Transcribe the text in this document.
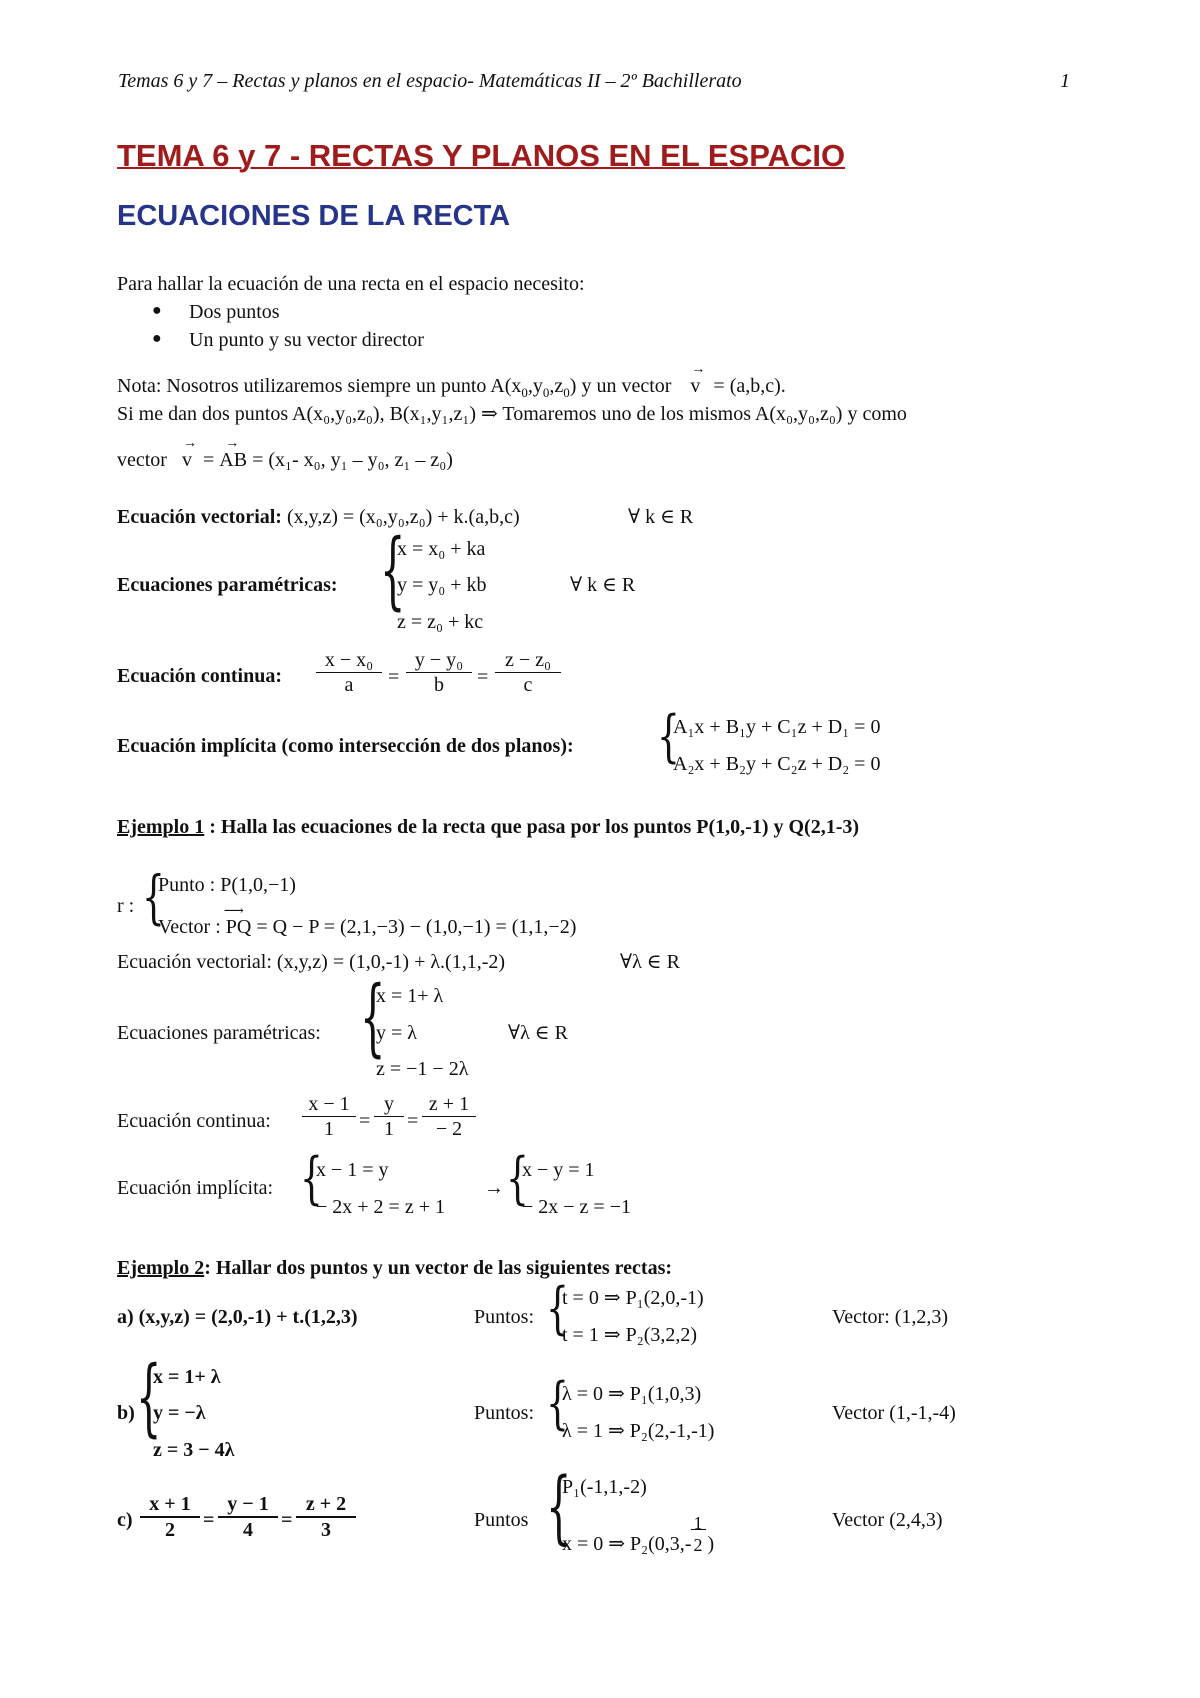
Temas 6 y 7 – Rectas y planos en el espacio- Matemáticas II – 2º Bachillerato	1
TEMA 6 y 7 - RECTAS Y PLANOS EN EL ESPACIO
ECUACIONES DE LA RECTA
Para hallar la ecuación de una recta en el espacio necesito:
● Dos puntos
● Un punto y su vector director
Nota: Nosotros utilizaremos siempre un punto $A(x_0,y_0,z_0)$ y un vector
→
v = (a,b,c).
Si me dan dos puntos A(x₀,y₀,z₀), B(x₁,y₁,z₁) ⇒ Tomaremos uno de los mismos A(x₀,y₀,z₀) y como
vector
→
v =
→
AB = (x₁- x₀, y₁ – y₀, z₁ – z₀)
Ecuación vectorial: (x,y,z) = (x₀,y₀,z₀) + k.(a,b,c)	∀ k ∈ R
Ecuaciones paramétricas: {
x = x₀ + ka
y = y₀ + kb
z = z₀ + kc
∀ k ∈ R
Ecuación continua: $\frac{\text{x − x₀}}{a} = \frac{\text{y − y₀}}{b} = \frac{\text{z − z₀}}{c}$
Ecuación implícita (como intersección de dos planos): {
A₁x + B₁y + C₁z + D₁ = 0
A₂x + B₂y + C₂z + D₂ = 0
Ejemplo 1 : Halla las ecuaciones de la recta que pasa por los puntos P(1,0,-1) y Q(2,1-3)
r : {
Punto : P(1,0,−1)
Vector :
⟶
PQ = Q − P = (2,1,−3) − (1,0,−1) = (1,1,−2)
Ecuación vectorial: (x,y,z) = (1,0,-1) + λ.(1,1,-2)	∀λ ∈ R
Ecuaciones paramétricas: {
x = 1+ λ
y = λ
z = −1 − 2λ
∀λ ∈ R
Ecuación continua: $\frac{x - 1}{1} = \frac{y}{1} = \frac{z + 1}{- 2}$
Ecuación implícita: {
x − 1 = y
− 2x + 2 = z + 1
→ {
x − y = 1
− 2x − z = −1
Ejemplo 2: Hallar dos puntos y un vector de las siguientes rectas:
a) (x,y,z) = (2,0,-1) + t.(1,2,3)	Puntos: {
t = 0 ⇒ P₁(2,0,-1)
t = 1 ⇒ P₂(3,2,2)
Vector: (1,2,3)
b) {
x = 1+ λ
y = −λ
z = 3 − 4λ
Puntos: {
λ = 0 ⇒ P₁(1,0,3)
λ = 1 ⇒ P₂(2,-1,-1)
Vector (1,-1,-4)
$c) \frac{x + 1}{2} = \frac{y - 1}{4} = \frac{z + 2}{3}$	Puntos {
P₁(-1,1,-2)
x = 0 ⇒ $P_2(0,3,- \frac{1}{2}$ )
Vector (2,4,3)
